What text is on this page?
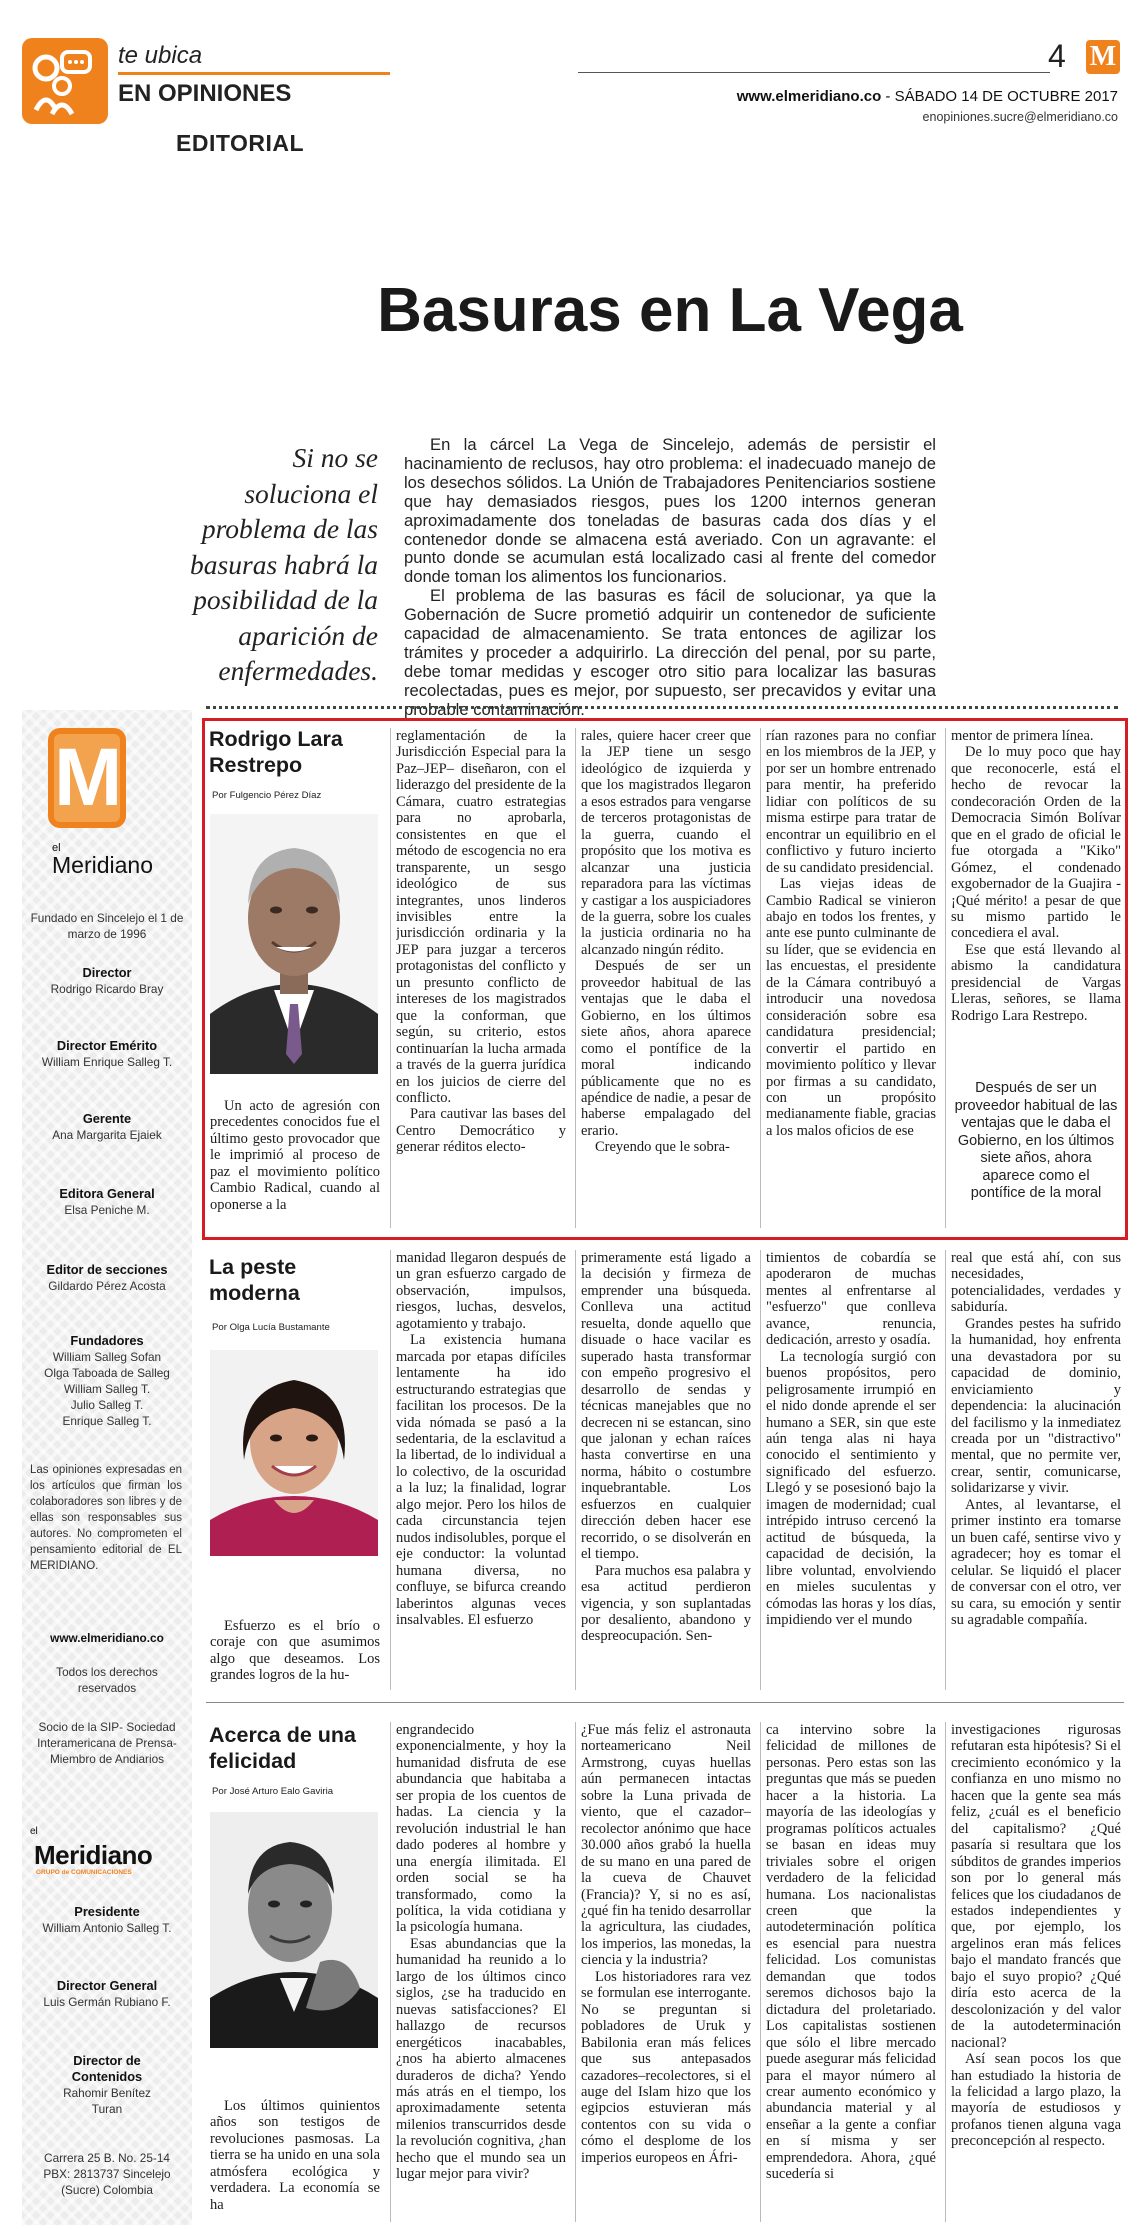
te ubica
EN OPINIONES
EDITORIAL
4 M
www.elmeridiano.co - SÁBADO 14 DE OCTUBRE 2017
enopiniones.sucre@elmeridiano.co
Basuras en La Vega
Si no se soluciona el problema de las basuras habrá la posibilidad de la aparición de enfermedades.

En la cárcel La Vega de Sincelejo, además de persistir el hacinamiento de reclusos, hay otro problema: el inadecuado manejo de los desechos sólidos. La Unión de Trabajadores Penitenciarios sostiene que hay demasiados riesgos, pues los 1200 internos generan aproximadamente dos toneladas de basuras cada dos días y el contenedor donde se almacena está averiado. Con un agravante: el punto donde se acumulan está localizado casi al frente del comedor donde toman los alimentos los funcionarios.

El problema de las basuras es fácil de solucionar, ya que la Gobernación de Sucre prometió adquirir un contenedor de suficiente capacidad de almacenamiento. Se trata entonces de agilizar los trámites y proceder a adquirirlo. La dirección del penal, por su parte, debe tomar medidas y escoger otro sitio para localizar las basuras recolectadas, pues es mejor, por supuesto, ser precavidos y evitar una probable contaminación.

M
el
Meridiano
Fundado en Sincelejo el 1 de marzo de 1996
Director
Rodrigo Ricardo Bray
Director Emérito
William Enrique Salleg T.
Gerente
Ana Margarita Ejaiek
Editora General
Elsa Peniche M.
Editor de secciones
Gildardo Pérez Acosta
Fundadores
William Salleg Sofan
Olga Taboada de Salleg
William Salleg T.
Julio Salleg T.
Enrique Salleg T.
Las opiniones expresadas en los artículos que firman los colaboradores son libres y de ellas son responsables sus autores. No comprometen el pensamiento editorial de EL MERIDIANO.
www.elmeridiano.co
Todos los derechos reservados
Socio de la SIP- Sociedad Interamericana de Prensa- Miembro de Andiarios
el
Meridiano
GRUPO de COMUNICACIONES
Presidente
William Antonio Salleg T.
Director General
Luis Germán Rubiano F.
Director de Contenidos
Rahomir Benítez Turan
Carrera 25 B. No. 25-14 PBX: 2813737 Sincelejo (Sucre) Colombia
Rodrigo Lara Restrepo
Por Fulgencio Pérez Díaz

Un acto de agresión con precedentes conocidos fue el último gesto provocador que le imprimió al proceso de paz el movimiento político Cambio Radical, cuando al oponerse a la

reglamentación de la Jurisdicción Especial para la Paz–JEP– diseñaron, con el liderazgo del presidente de la Cámara, cuatro estrategias para no aprobarla, consistentes en que el método de escogencia no era transparente, un sesgo ideológico de sus integrantes, unos linderos invisibles entre la jurisdicción ordinaria y la JEP para juzgar a terceros protagonistas del conflicto y un presunto conflicto de intereses de los magistrados que la conforman, que según, su criterio, estos continuarían la lucha armada a través de la guerra jurídica en los juicios de cierre del conflicto.

Para cautivar las bases del Centro Democrático y generar réditos electo-

rales, quiere hacer creer que la JEP tiene un sesgo ideológico de izquierda y que los magistrados llegaron a esos estrados para vengarse de terceros protagonistas de la guerra, cuando el propósito que los motiva es alcanzar una justicia reparadora para las víctimas y castigar a los auspiciadores de la guerra, sobre los cuales la justicia ordinaria no ha alcanzado ningún rédito.

Después de ser un proveedor habitual de las ventajas que le daba el Gobierno, en los últimos siete años, ahora aparece como el pontífice de la moral indicando públicamente que no es apéndice de nadie, a pesar de haberse empalagado del erario.

Creyendo que le sobra-

rían razones para no confiar en los miembros de la JEP, y por ser un hombre entrenado para mentir, ha preferido lidiar con políticos de su misma estirpe para tratar de encontrar un equilibrio en el conflictivo y futuro incierto de su candidato presidencial.

Las viejas ideas de Cambio Radical se vinieron abajo en todos los frentes, y ante ese punto culminante de su líder, que se evidencia en las encuestas, el presidente de la Cámara contribuyó a introducir una novedosa consideración sobre esa candidatura presidencial; convertir el partido en movimiento político y llevar por firmas a su candidato, con un propósito medianamente fiable, gracias a los malos oficios de ese

mentor de primera línea.

De lo muy poco que hay que reconocerle, está el hecho de revocar la condecoración Orden de la Democracia Simón Bolívar que en el grado de oficial le fue otorgada a "Kiko" Gómez, el condenado exgobernador de la Guajira -¡Qué mérito! a pesar de que su mismo partido le concediera el aval.

Ese que está llevando al abismo la candidatura presidencial de Vargas Lleras, señores, se llama Rodrigo Lara Restrepo.

Después de ser un proveedor habitual de las ventajas que le daba el Gobierno, en los últimos siete años, ahora aparece como el pontífice de la moral
La peste moderna
Por Olga Lucía Bustamante

Esfuerzo es el brío o coraje con que asumimos algo que deseamos. Los grandes logros de la hu-

manidad llegaron después de un gran esfuerzo cargado de observación, impulsos, riesgos, luchas, desvelos, agotamiento y trabajo.

La existencia humana marcada por etapas difíciles lentamente ha ido estructurando estrategias que facilitan los procesos. De la vida nómada se pasó a la sedentaria, de la esclavitud a la libertad, de lo individual a lo colectivo, de la oscuridad a la luz; la finalidad, lograr algo mejor. Pero los hilos de cada circunstancia tejen nudos indisolubles, porque el eje conductor: la voluntad humana diversa, no confluye, se bifurca creando laberintos algunas veces insalvables. El esfuerzo

primeramente está ligado a la decisión y firmeza de emprender una búsqueda. Conlleva una actitud resuelta, donde aquello que disuade o hace vacilar es superado hasta transformar con empeño progresivo el desarrollo de sendas y técnicas manejables que no decrecen ni se estancan, sino que jalonan y echan raíces hasta convertirse en una norma, hábito o costumbre inquebrantable. Los esfuerzos en cualquier dirección deben hacer ese recorrido, o se disolverán en el tiempo.

Para muchos esa palabra y esa actitud perdieron vigencia, y son suplantadas por desaliento, abandono y despreocupación. Sen-

timientos de cobardía se apoderaron de muchas mentes al enfrentarse al "esfuerzo" que conlleva avance, renuncia, dedicación, arresto y osadía.

La tecnología surgió con buenos propósitos, pero peligrosamente irrumpió en el nido donde aprende el ser humano a SER, sin que este aún tenga alas ni haya conocido el sentimiento y significado del esfuerzo. Llegó y se posesionó bajo la imagen de modernidad; cual intrépido intruso cercenó la actitud de búsqueda, la capacidad de decisión, la libre voluntad, envolviendo en mieles suculentas y cómodas las horas y los días, impidiendo ver el mundo

real que está ahí, con sus necesidades, potencialidades, verdades y sabiduría.

Grandes pestes ha sufrido la humanidad, hoy enfrenta una devastadora por su capacidad de dominio, enviciamiento y dependencia: la alucinación del facilismo y la inmediatez creada por un "distractivo" mental, que no permite ver, crear, sentir, comunicarse, solidarizarse y vivir.

Antes, al levantarse, el primer instinto era tomarse un buen café, sentirse vivo y agradecer; hoy es tomar el celular. Se liquidó el placer de conversar con el otro, ver su cara, su emoción y sentir su agradable compañía.

Acerca de una felicidad
Por José Arturo Ealo Gaviria

Los últimos quinientos años son testigos de revoluciones pasmosas. La tierra se ha unido en una sola atmósfera ecológica y verdadera. La economía se ha

engrandecido exponencialmente, y hoy la humanidad disfruta de ese abundancia que habitaba a ser propia de los cuentos de hadas. La ciencia y la revolución industrial le han dado poderes al hombre y una energía ilimitada. El orden social se ha transformado, como la política, la vida cotidiana y la psicología humana.

Esas abundancias que la humanidad ha reunido a lo largo de los últimos cinco siglos, ¿se ha traducido en nuevas satisfacciones? El hallazgo de recursos energéticos inacabables, ¿nos ha abierto almacenes duraderos de dicha? Yendo más atrás en el tiempo, los aproximadamente setenta milenios transcurridos desde la revolución cognitiva, ¿han hecho que el mundo sea un lugar mejor para vivir?

¿Fue más feliz el astronauta norteamericano Neil Armstrong, cuyas huellas aún permanecen intactas sobre la Luna privada de viento, que el cazador–recolector anónimo que hace 30.000 años grabó la huella de su mano en una pared de la cueva de Chauvet (Francia)? Y, si no es así, ¿qué fin ha tenido desarrollar la agricultura, las ciudades, los imperios, las monedas, la ciencia y la industria?

Los historiadores rara vez se formulan ese interrogante. No se preguntan si pobladores de Uruk y Babilonia eran más felices que sus antepasados cazadores–recolectores, si el auge del Islam hizo que los egipcios estuvieran más contentos con su vida o cómo el desplome de los imperios europeos en Áfri-

ca intervino sobre la felicidad de millones de personas. Pero estas son las preguntas que más se pueden hacer a la historia. La mayoría de las ideologías y programas políticos actuales se basan en ideas muy triviales sobre el origen verdadero de la felicidad humana. Los nacionalistas creen que la autodeterminación política es esencial para nuestra felicidad. Los comunistas demandan que todos seremos dichosos bajo la dictadura del proletariado. Los capitalistas sostienen que sólo el libre mercado puede asegurar más felicidad para el mayor número al crear aumento económico y abundancia material y al enseñar a la gente a confiar en sí misma y ser emprendedora. Ahora, ¿qué sucedería si

investigaciones rigurosas refutaran esta hipótesis? Si el crecimiento económico y la confianza en uno mismo no hacen que la gente sea más feliz, ¿cuál es el beneficio del capitalismo? ¿Qué pasaría si resultara que los súbditos de grandes imperios son por lo general más felices que los ciudadanos de estados independientes y que, por ejemplo, los argelinos eran más felices bajo el mandato francés que bajo el suyo propio? ¿Qué diría esto acerca de la descolonización y del valor de la autodeterminación nacional?

Así sean pocos los que han estudiado la historia de la felicidad a largo plazo, la mayoría de estudiosos y profanos tienen alguna vaga preconcepción al respecto.
